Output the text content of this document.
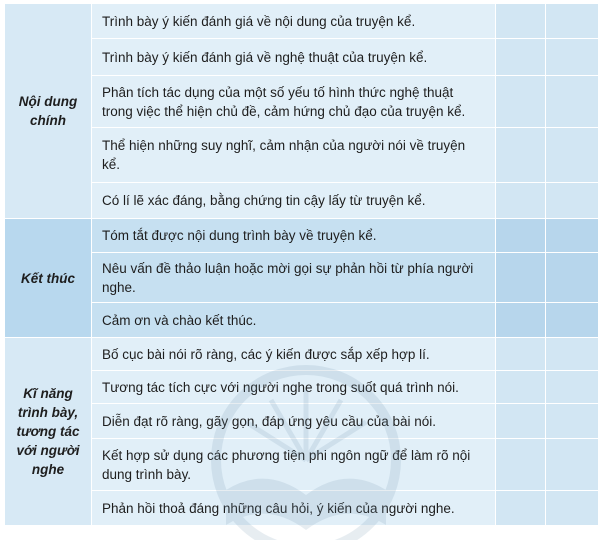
Nội dung chính	Trình bày ý kiến đánh giá về nội dung của truyện kể.		

	Trình bày ý kiến đánh giá về nghệ thuật của truyện kể.		

	Phân tích tác dụng của một số yếu tố hình thức nghệ thuật trong việc thể hiện chủ đề, cảm hứng chủ đạo của truyện kể.		

	Thể hiện những suy nghĩ, cảm nhận của người nói về truyện kể.		

	Có lí lẽ xác đáng, bằng chứng tin cậy lấy từ truyện kể.		

Kết thúc	Tóm tắt được nội dung trình bày về truyện kể.		

	Nêu vấn đề thảo luận hoặc mời gọi sự phản hồi từ phía người nghe.		

	Cảm ơn và chào kết thúc.		

Kĩ năng trình bày, tương tác với người nghe	Bố cục bài nói rõ ràng, các ý kiến được sắp xếp hợp lí.		

	Tương tác tích cực với người nghe trong suốt quá trình nói.		

	Diễn đạt rõ ràng, gãy gọn, đáp ứng yêu cầu của bài nói.		

	Kết hợp sử dụng các phương tiện phi ngôn ngữ để làm rõ nội dung trình bày.		

	Phản hồi thoả đáng những câu hỏi, ý kiến của người nghe.		
